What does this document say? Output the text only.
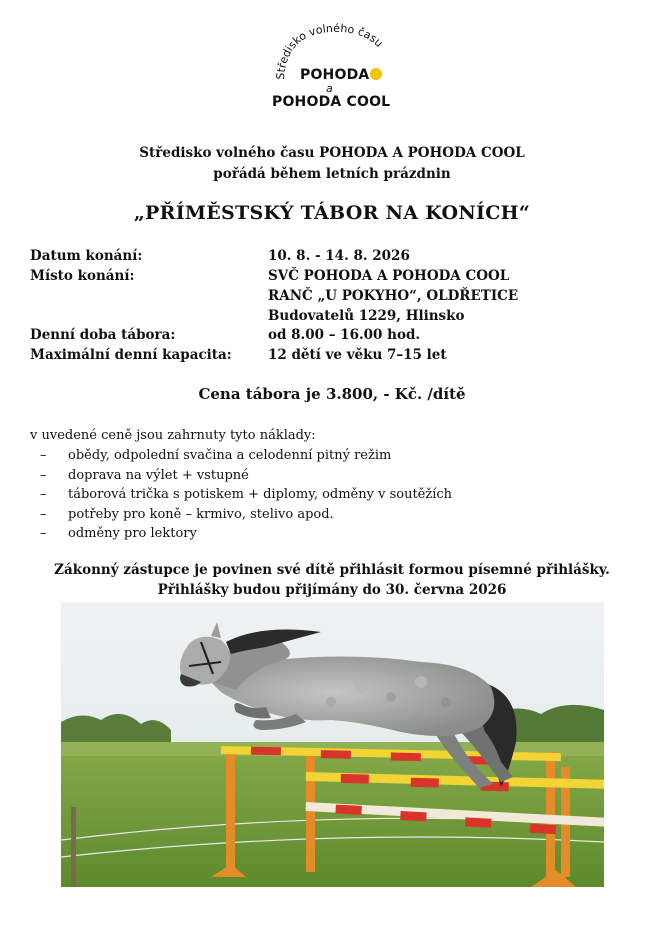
Středisko volného času
POHODA
a
POHODA COOL
Středisko volného času POHODA A POHODA COOL
pořádá během letních prázdnin
„PŘÍMĚSTSKÝ TÁBOR NA KONÍCH“
Datum konání:	10. 8. - 14. 8. 2026
Místo konání:	SVČ POHODA A POHODA COOL
RANČ „U POKYHO“, OLDŘETICE
Budovatelů 1229, Hlinsko
Denní doba tábora:	od 8.00 – 16.00 hod.
Maximální denní kapacita:	12 dětí ve věku 7–15 let
Cena tábora je 3.800, - Kč. /dítě
v uvedené ceně jsou zahrnuty tyto náklady:
– obědy, odpolední svačina a celodenní pitný režim
– doprava na výlet + vstupné
– táborová trička s potiskem + diplomy, odměny v soutěžích
– potřeby pro koně – krmivo, stelivo apod.
– odměny pro lektory
Zákonný zástupce je povinen své dítě přihlásit formou písemné přihlášky.
Přihlášky budou přijímány do 30. června 2026
